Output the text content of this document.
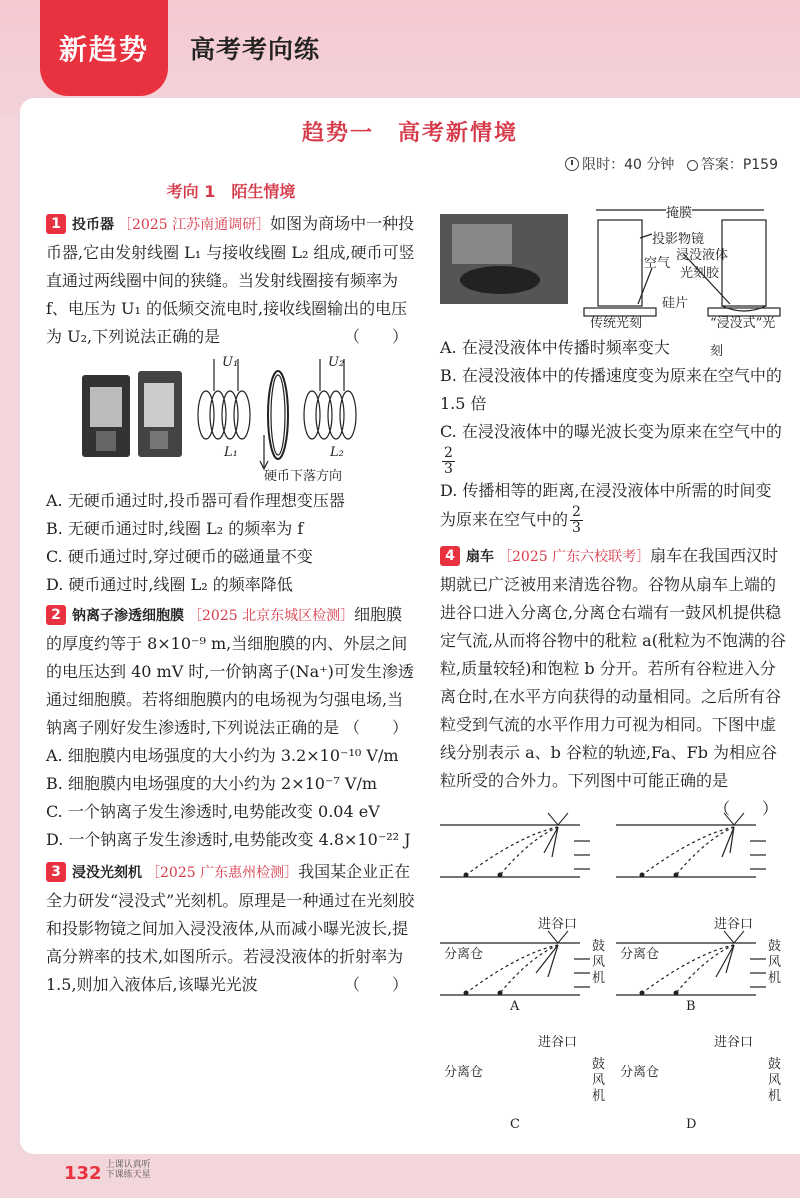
新趋势	高考考向练
趋势一　高考新情境
限时：40 分钟 答案：P159
考向 1　陌生情境
1 投币器 ［2025 江苏南通调研］如图为商场中一种投币器,它由发射线圈 L₁ 与接收线圈 L₂ 组成,硬币可竖直通过两线圈中间的狭缝。当发射线圈接有频率为 f、电压为 U₁ 的低频交流电时,接收线圈输出的电压为 U₂,下列说法正确的是	（　　）
U₁	U₂
L₁	L₂
硬币下落方向
A. 无硬币通过时,投币器可看作理想变压器
B. 无硬币通过时,线圈 L₂ 的频率为 f
C. 硬币通过时,穿过硬币的磁通量不变
D. 硬币通过时,线圈 L₂ 的频率降低
2 钠离子渗透细胞膜 ［2025 北京东城区检测］细胞膜的厚度约等于 8×10⁻⁹ m,当细胞膜的内、外层之间的电压达到 40 mV 时,一价钠离子(Na⁺)可发生渗透通过细胞膜。若将细胞膜内的电场视为匀强电场,当钠离子刚好发生渗透时,下列说法正确的是 （　　）
A. 细胞膜内电场强度的大小约为 3.2×10⁻¹⁰ V/m
B. 细胞膜内电场强度的大小约为 2×10⁻⁷ V/m
C. 一个钠离子发生渗透时,电势能改变 0.04 eV
D. 一个钠离子发生渗透时,电势能改变 4.8×10⁻²² J
3 浸没光刻机 ［2025 广东惠州检测］我国某企业正在全力研发“浸没式”光刻机。原理是一种通过在光刻胶和投影物镜之间加入浸没液体,从而减小曝光波长,提高分辨率的技术,如图所示。若浸没液体的折射率为 1.5,则加入液体后,该曝光光波	（　　）
掩膜
投影物镜
空气
浸没液体
光刻胶
硅片
传统光刻	“浸没式”光刻
A. 在浸没液体中传播时频率变大
B. 在浸没液体中的传播速度变为原来在空气中的 1.5 倍
C. 在浸没液体中的曝光波长变为原来在空气中的
$\frac{2}{3}$
D. 传播相等的距离,在浸没液体中所需的时间变为原来在空气中的 $\frac{2}{3}$
4 扇车 ［2025 广东六校联考］扇车在我国西汉时期就已广泛被用来清选谷物。谷物从扇车上端的进谷口进入分离仓,分离仓右端有一鼓风机提供稳定气流,从而将谷物中的秕粒 a(秕粒为不饱满的谷粒,质量较轻)和饱粒 b 分开。若所有谷粒进入分离仓时,在水平方向获得的动量相同。之后所有谷粒受到气流的水平作用力可视为相同。下图中虚线分别表示 a、b 谷粒的轨迹,Fa、Fb 为相应谷粒所受的合外力。下列图中可能正确的是
（　　）
进谷口
分离仓
鼓
风
机
A
进谷口
分离仓
鼓
风
机
B
进谷口
分离仓
鼓
风
机
C
进谷口
分离仓
鼓
风
机
D
132 上课认真听
下课练天星
